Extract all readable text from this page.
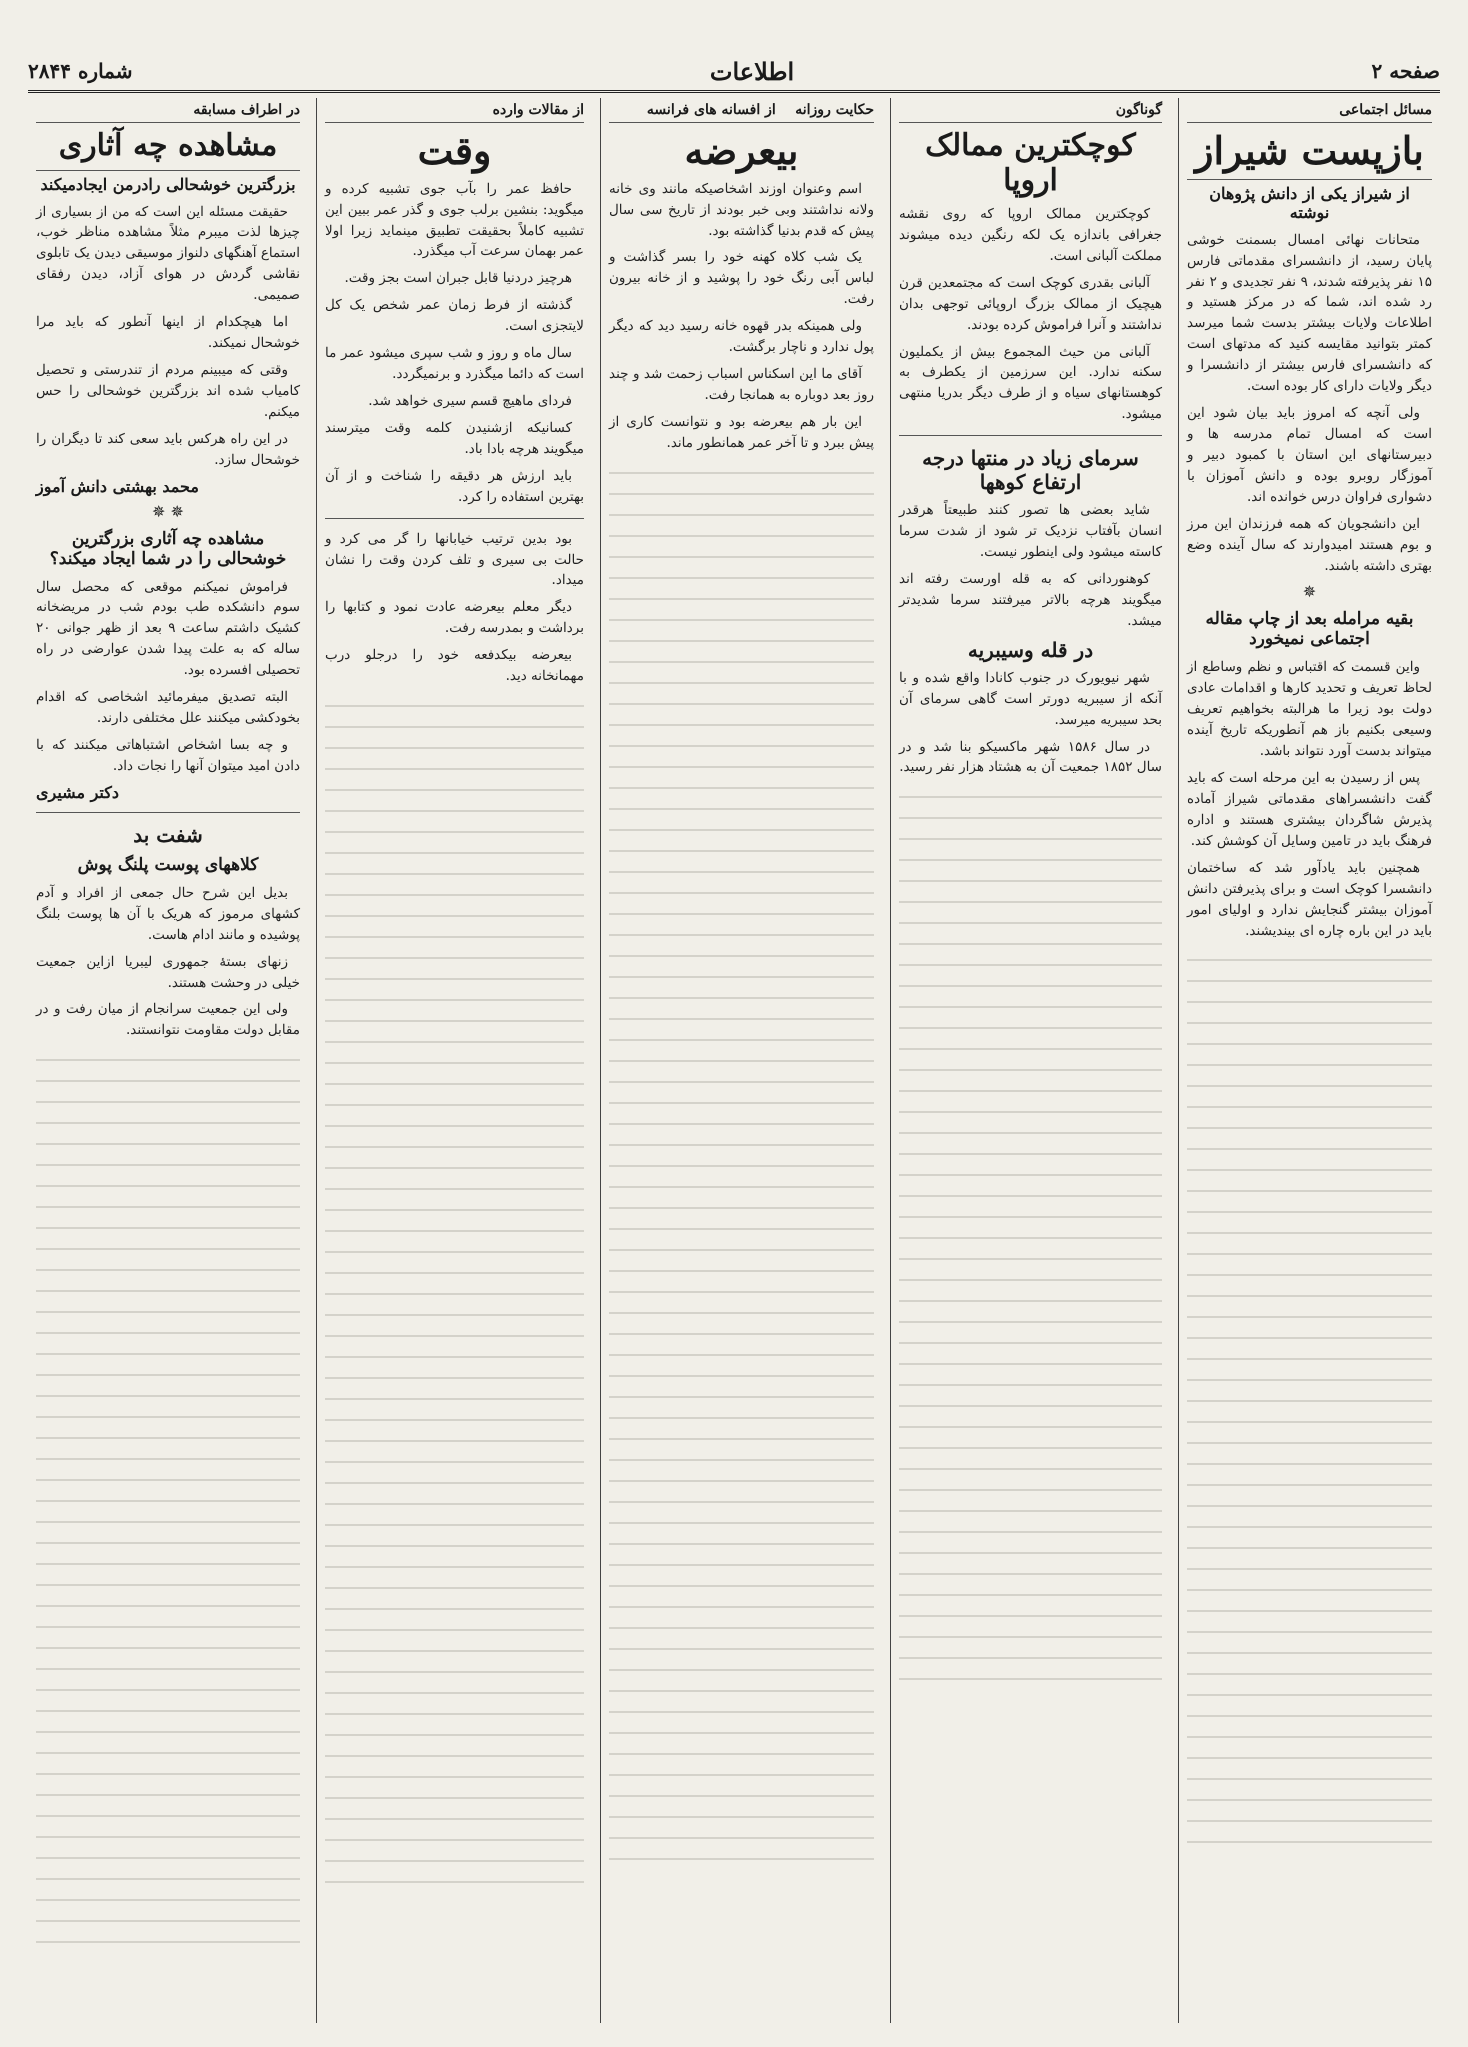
صفحه ۲
اطلاعات
شماره ۲۸۴۴
مسائل اجتماعی
بازپست شیراز
از شیراز یکی از دانش پژوهان نوشته

متحانات نهائی امسال بسمنت خوشی پایان رسید، از دانشسرای مقدماتی فارس ۱۵ نفر پذیرفته شدند، ۹ نفر تجدیدی و ۲ نفر رد شده اند، شما که در مرکز هستید و اطلاعات ولایات بیشتر بدست شما میرسد کمتر بتوانید مقایسه کنید که مدتهای است که دانشسرای فارس بیشتر از دانشسرا و دیگر ولایات دارای کار بوده است.

ولی آنچه که امروز باید بیان شود این است که امسال تمام مدرسه ها و دبیرستانهای این استان با کمبود دبیر و آموزگار روبرو بوده و دانش آموزان با دشواری فراوان درس خوانده اند.

این دانشجویان که همه فرزندان این مرز و بوم هستند امیدوارند که سال آینده وضع بهتری داشته باشند.

✵
بقیه مرامله بعد از چاپ مقاله اجتماعی نمیخورد

واین قسمت که اقتباس و نظم وساطع از لحاظ تعریف و تحدید کارها و اقدامات عادی دولت بود زیرا ما هرالبته بخواهیم تعریف وسیعی بکنیم باز هم آنطوریکه تاریخ آینده میتواند بدست آورد نتواند باشد.

پس از رسیدن به این مرحله است که باید گفت دانشسراهای مقدماتی شیراز آماده پذیرش شاگردان بیشتری هستند و اداره فرهنگ باید در تامین وسایل آن کوشش کند.

همچنین باید یادآور شد که ساختمان دانشسرا کوچک است و برای پذیرفتن دانش آموزان بیشتر گنجایش ندارد و اولیای امور باید در این باره چاره ای بیندیشند.

گوناگون
کوچکترین ممالک اروپا

کوچکترین ممالک اروپا که روی نقشه جغرافی باندازه یک لکه رنگین دیده میشوند مملکت آلبانی است.

آلبانی بقدری کوچک است که مجتمعدین قرن هیچیک از ممالک بزرگ اروپائی توجهی بدان نداشتند و آنرا فراموش کرده بودند.

آلبانی من حیث المجموع بیش از یکملیون سکنه ندارد. این سرزمین از یکطرف به کوهستانهای سیاه و از طرف دیگر بدریا منتهی میشود.

سرمای زیاد در منتها درجه ارتفاع کوهها

شاید بعضی ها تصور کنند طبیعتاً هرقدر انسان بآفتاب نزدیک تر شود از شدت سرما کاسته میشود ولی اینطور نیست.

کوهنوردانی که به قله اورست رفته اند میگویند هرچه بالاتر میرفتند سرما شدیدتر میشد.

در قله وسیبریه

شهر نیویورک در جنوب کانادا واقع شده و با آنکه از سیبریه دورتر است گاهی سرمای آن بحد سیبریه میرسد.

در سال ۱۵۸۶ شهر ماکسیکو بنا شد و در سال ۱۸۵۲ جمعیت آن به هشتاد هزار نفر رسید.

حکایت روزانه    از افسانه های فرانسه
بیعرضه

اسم وعنوان اوزند اشخاصیکه مانند وی خانه ولانه نداشتند وبی خبر بودند از تاریخ سی سال پیش که قدم بدنیا گذاشته بود.

یک شب کلاه کهنه خود را بسر گذاشت و لباس آبی رنگ خود را پوشید و از خانه بیرون رفت.

ولی همینکه بدر قهوه خانه رسید دید که دیگر پول ندارد و ناچار برگشت.

آقای ما این اسکناس اسباب زحمت شد و چند روز بعد دوباره به همانجا رفت.

این بار هم بیعرضه بود و نتوانست کاری از پیش ببرد و تا آخر عمر همانطور ماند.

از مقالات وارده
وقت

حافظ عمر را بآب جوی تشبیه کرده و میگوید: بنشین برلب جوی و گذر عمر ببین این تشبیه کاملاً بحقیقت تطبیق مینماید زیرا اولا عمر بهمان سرعت آب میگذرد.

هرچیز دردنیا قابل جبران است بجز وقت.

گذشته از فرط زمان عمر شخص یک کل لایتجزی است.

سال ماه و روز و شب سپری میشود عمر ما است که دائما میگذرد و برنمیگردد.

فردای ماهیچ قسم سیری خواهد شد.

کسانیکه ازشنیدن کلمه وقت میترسند میگویند هرچه بادا باد.

باید ارزش هر دقیقه را شناخت و از آن بهترین استفاده را کرد.

بود بدین ترتیب خیابانها را گر می کرد و حالت بی سیری و تلف کردن وقت را نشان میداد.

دیگر معلم بیعرضه عادت نمود و کتابها را برداشت و بمدرسه رفت.

بیعرضه بیکدفعه خود را درجلو درب مهمانخانه دید.

در اطراف مسابقه
مشاهده چه آثاری
بزرگترین خوشحالی رادرمن ایجادمیکند

حقیقت مسئله این است که من از بسیاری از چیزها لذت میبرم مثلاً مشاهده مناظر خوب، استماع آهنگهای دلنواز موسیقی دیدن یک تابلوی نقاشی گردش در هوای آزاد، دیدن رفقای صمیمی.

اما هیچکدام از اینها آنطور که باید مرا خوشحال نمیکند.

وقتی که میبینم مردم از تندرستی و تحصیل کامیاب شده اند بزرگترین خوشحالی را حس میکنم.

در این راه هرکس باید سعی کند تا دیگران را خوشحال سازد.

محمد بهشتی دانش آموز
✵ ✵
مشاهده چه آثاری بزرگترین خوشحالی را در شما ایجاد میکند؟

فراموش نمیکنم موقعی که محصل سال سوم دانشکده طب بودم شب در مریضخانه کشیک داشتم ساعت ۹ بعد از ظهر جوانی ۲۰ ساله که به علت پیدا شدن عوارضی در راه تحصیلی افسرده بود.

البته تصدیق میفرمائید اشخاصی که اقدام بخودکشی میکنند علل مختلفی دارند.

و چه بسا اشخاص اشتباهاتی میکنند که با دادن امید میتوان آنها را نجات داد.

دکتر مشیری
شفت بد
کلاههای پوست پلنگ پوش

بدیل این شرح حال جمعی از افراد و آدم کشهای مرموز که هریک با آن ها پوست بلنگ پوشیده و مانند ادام هاست.

زنهای بستهٔ جمهوری لیبریا ازاین جمعیت خیلی در وحشت هستند.

ولی این جمعیت سرانجام از میان رفت و در مقابل دولت مقاومت نتوانستند.
